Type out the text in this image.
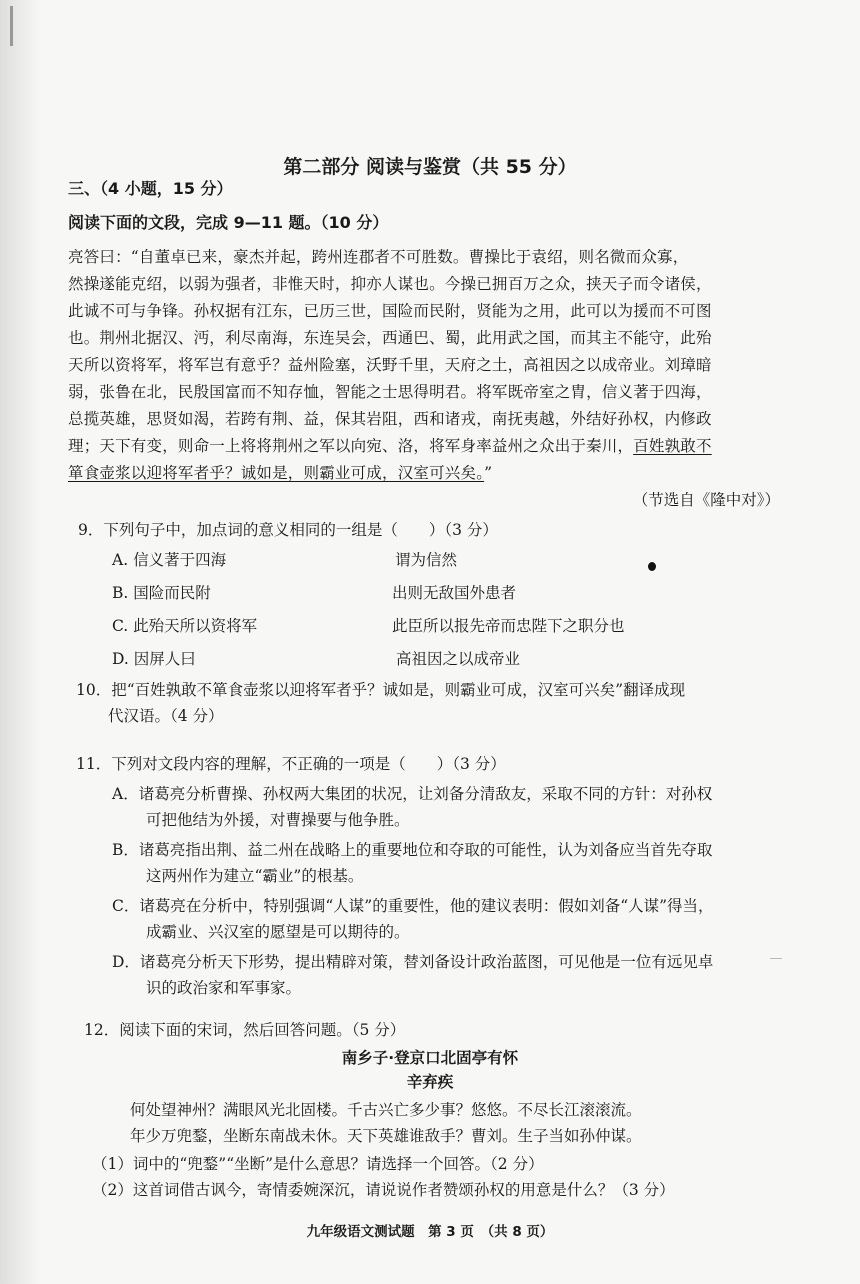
第二部分 阅读与鉴赏（共 55 分）
三、（4 小题，15 分）
阅读下面的文段，完成 9—11 题。（10 分）

亮答曰：“自董卓已来，豪杰并起，跨州连郡者不可胜数。曹操比于袁绍，则名微而众寡，

然操遂能克绍，以弱为强者，非惟天时，抑亦人谋也。今操已拥百万之众，挟天子而令诸侯，

此诚不可与争锋。孙权据有江东，已历三世，国险而民附，贤能为之用，此可以为援而不可图

也。荆州北据汉、沔，利尽南海，东连吴会，西通巴、蜀，此用武之国，而其主不能守，此殆

天所以资将军，将军岂有意乎？益州险塞，沃野千里，天府之土，高祖因之以成帝业。刘璋暗

弱，张鲁在北，民殷国富而不知存恤，智能之士思得明君。将军既帝室之胄，信义著于四海，

总揽英雄，思贤如渴，若跨有荆、益，保其岩阻，西和诸戎，南抚夷越，外结好孙权，内修政

理；天下有变，则命一上将将荆州之军以向宛、洛，将军身率益州之众出于秦川，百姓孰敢不

箪食壶浆以迎将军者乎？诚如是，则霸业可成，汉室可兴矣。”

（节选自《隆中对》）
9．下列句子中，加点词的意义相同的一组是（　　）（3 分）
A. 信义著于四海	谓为信然
B. 国险而民附	出则无敌国外患者
C. 此殆天所以资将军	此臣所以报先帝而忠陛下之职分也
D. 因屏人曰	高祖因之以成帝业
10．把“百姓孰敢不箪食壶浆以迎将军者乎？诚如是，则霸业可成，汉室可兴矣”翻译成现
代汉语。（4 分）
11．下列对文段内容的理解，不正确的一项是（　　）（3 分）
A．诸葛亮分析曹操、孙权两大集团的状况，让刘备分清敌友，采取不同的方针：对孙权
可把他结为外援，对曹操要与他争胜。
B．诸葛亮指出荆、益二州在战略上的重要地位和夺取的可能性，认为刘备应当首先夺取
这两州作为建立“霸业”的根基。
C．诸葛亮在分析中，特别强调“人谋”的重要性，他的建议表明：假如刘备“人谋”得当，
成霸业、兴汉室的愿望是可以期待的。
D．诸葛亮分析天下形势，提出精辟对策，替刘备设计政治蓝图，可见他是一位有远见卓
识的政治家和军事家。
12．阅读下面的宋词，然后回答问题。（5 分）
南乡子·登京口北固亭有怀
辛弃疾
何处望神州？满眼风光北固楼。千古兴亡多少事？悠悠。不尽长江滚滚流。
年少万兜鍪，坐断东南战未休。天下英雄谁敌手？曹刘。生子当如孙仲谋。
（1）词中的“兜鍪”“坐断”是什么意思？请选择一个回答。（2 分）
（2）这首词借古讽今，寄情委婉深沉，请说说作者赞颂孙权的用意是什么？（3 分）
九年级语文测试题　第 3 页　（共 8 页）
